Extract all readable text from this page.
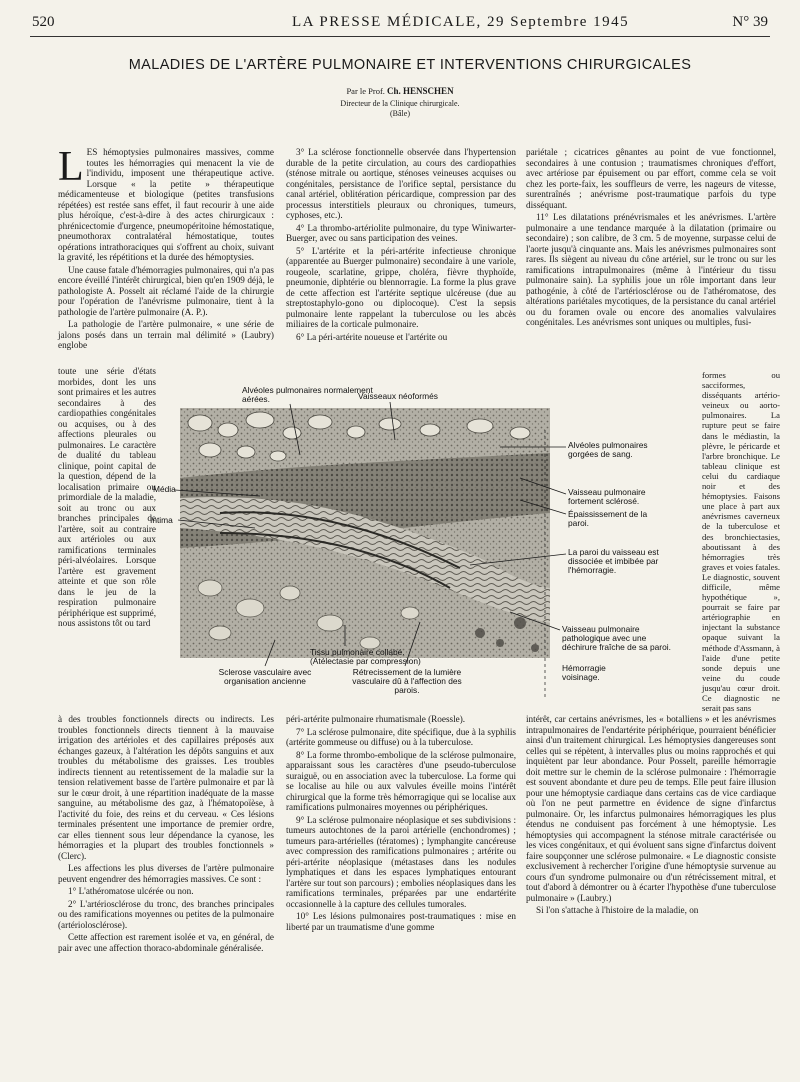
520	LA PRESSE MÉDICALE, 29 Septembre 1945	N° 39
MALADIES DE L'ARTÈRE PULMONAIRE ET INTERVENTIONS CHIRURGICALES
Par le Prof. Ch. HENSCHEN
Directeur de la Clinique chirurgicale.
(Bâle)

LES hémoptysies pulmonaires massives, comme toutes les hémorragies qui menacent la vie de l'individu, imposent une thérapeutique active. Lorsque « la petite » thérapeutique médicamenteuse et biologique (petites transfusions répétées) est restée sans effet, il faut recourir à une aide plus héroïque, c'est-à-dire à des actes chirurgicaux : phrénicectomie d'urgence, pneumopéritoine hémostatique, pneumothorax contralatéral hémostatique, toutes opérations intrathoraciques qui s'offrent au choix, suivant la gravité, les répétitions et la durée des hémoptysies.

Une cause fatale d'hémorragies pulmonaires, qui n'a pas encore éveillé l'intérêt chirurgical, bien qu'en 1909 déjà, le pathologiste A. Posselt ait réclamé l'aide de la chirurgie pour l'opération de l'anévrisme pulmonaire, tient à la pathologie de l'artère pulmonaire (A. P.).

La pathologie de l'artère pulmonaire, « une série de jalons posés dans un terrain mal délimité » (Laubry) englobe

toute une série d'états morbides, dont les uns sont primaires et les autres secondaires à des cardiopathies congénitales ou acquises, ou à des affections pleurales ou pulmonaires. Le caractère de dualité du tableau clinique, point capital de la question, dépend de la localisation primaire ou primordiale de la maladie, soit au tronc ou aux branches principales de l'artère, soit au contraire aux artérioles ou aux ramifications terminales péri-alvéolaires. Lorsque l'artère est gravement atteinte et que son rôle dans le jeu de la respiration pulmonaire périphérique est supprimé, nous assistons tôt ou tard

3° La sclérose fonctionnelle observée dans l'hypertension durable de la petite circulation, au cours des cardiopathies (sténose mitrale ou aortique, sténoses veineuses acquises ou congénitales, persistance de l'orifice septal, persistance du canal artériel, oblitération péricardique, compression par des processus interstitiels pleuraux ou chroniques, tumeurs, cyphoses, etc.).

4° La thrombo-artériolite pulmonaire, du type Winiwarter-Buerger, avec ou sans participation des veines.

5° L'artérite et la péri-artérite infectieuse chronique (apparentée au Buerger pulmonaire) secondaire à une variole, rougeole, scarlatine, grippe, choléra, fièvre thyphoïde, pneumonie, diphtérie ou blennorragie. La forme la plus grave de cette affection est l'artérite septique ulcéreuse (due au streptostaphylo-gono ou diplocoque). C'est la sepsis pulmonaire lente rappelant la tuberculose ou les abcès miliaires de la corticale pulmonaire.

6° La péri-artérite noueuse et l'artérite ou

pariétale ; cicatrices gênantes au point de vue fonctionnel, secondaires à une contusion ; traumatismes chroniques d'effort, avec artériose par épuisement ou par effort, comme cela se voit chez les porte-faix, les souffleurs de verre, les nageurs de vitesse, surentraînés ; anévrisme post-traumatique parfois du type disséquant.

11° Les dilatations prénévrismales et les anévrismes. L'artère pulmonaire a une tendance marquée à la dilatation (primaire ou secondaire) ; son calibre, de 3 cm. 5 de moyenne, surpasse celui de l'aorte jusqu'à cinquante ans. Mais les anévrismes pulmonaires sont rares. Ils siègent au niveau du cône artériel, sur le tronc ou sur les ramifications intrapulmonaires (même à l'intérieur du tissu pulmonaire sain). La syphilis joue un rôle important dans leur pathogénie, à côté de l'artériosclérose ou de l'athéromatose, des altérations pariétales mycotiques, de la persistance du canal artériel ou du foramen ovale ou encore des anomalies valvulaires congénitales. Les anévrismes sont uniques ou multiples, fusi-

formes ou sacciformes, disséquants artério-veineux ou aorto-pulmonaires. La rupture peut se faire dans le médiastin, la plèvre, le péricarde et l'arbre bronchique. Le tableau clinique est celui du cardiaque noir et des hémoptysies. Faisons une place à part aux anévrismes caverneux de la tuberculose et des bronchiectasies, aboutissant à des hémorragies très graves et voies fatales. Le diagnostic, souvent difficile, même hypothétique », pourrait se faire par artériographie en injectant la substance opaque suivant la méthode d'Assmann, à l'aide d'une petite sonde depuis une veine du coude jusqu'au cœur droit. Ce diagnostic ne serait pas sans

Alvéoles pulmonaires normalement aérées.	Vaisseaux néoformés
Alvéoles pulmonaires gorgées de sang.
Vaisseau pulmonaire fortement sclérosé.
Épaississement de la paroi.
La paroi du vaisseau est dissociée et imbibée par l'hémorragie.
Vaisseau pulmonaire pathologique avec une déchirure fraîche de sa paroi.
Hémorragie voisinage.
Média
Intima
Tissu pulmonaire collabé. (Atélectasie par compression)
Sclerose vasculaire avec organisation ancienne
Rétrecissement de la lumière vasculaire dû à l'affection des parois.

à des troubles fonctionnels directs ou indirects. Les troubles fonctionnels directs tiennent à la mauvaise irrigation des artérioles et des capillaires préposés aux échanges gazeux, à l'altération les dépôts sanguins et aux troubles du métabolisme des graisses. Les troubles indirects tiennent au retentissement de la maladie sur la tension relativement basse de l'artère pulmonaire et par là sur le cœur droit, à une répartition inadéquate de la masse sanguine, au métabolisme des gaz, à l'hématopoïèse, à l'activité du foie, des reins et du cerveau. « Ces lésions terminales présentent une importance de premier ordre, car elles tiennent sous leur dépendance la cyanose, les hémorragies et la plupart des troubles fonctionnels » (Clerc).

Les affections les plus diverses de l'artère pulmonaire peuvent engendrer des hémorragies massives. Ce sont :

1° L'athéromatose ulcérée ou non.

2° L'artériosclérose du tronc, des branches principales ou des ramifications moyennes ou petites de la pulmonaire (artériolosclérose).

Cette affection est rarement isolée et va, en général, de pair avec une affection thoraco-abdominale généralisée.

péri-artérite pulmonaire rhumatismale (Roessle).

7° La sclérose pulmonaire, dite spécifique, due à la syphilis (artérite gommeuse ou diffuse) ou à la tuberculose.

8° La forme thrombo-embolique de la sclérose pulmonaire, apparaissant sous les caractères d'une pseudo-tuberculose suraiguë, ou en association avec la tuberculose. La forme qui se localise au hile ou aux valvules éveille moins l'intérêt chirurgical que la forme très hémorragique qui se localise aux ramifications pulmonaires moyennes ou périphériques.

9° La sclérose pulmonaire néoplasique et ses subdivisions : tumeurs autochtones de la paroi artérielle (enchondromes) ; tumeurs para-artérielles (tératomes) ; lymphangite cancéreuse avec compression des ramifications pulmonaires ; artérite ou péri-artérite néoplasique (métastases dans les nodules lymphatiques et dans les espaces lymphatiques entourant l'artère sur tout son parcours) ; embolies néoplasiques dans les ramifications terminales, préparées par une endartérite occasionnelle à la capture des cellules tumorales.

10° Les lésions pulmonaires post-traumatiques : mise en liberté par un traumatisme d'une gomme

intérêt, car certains anévrismes, les « botalliens » et les anévrismes intrapulmonaires de l'endartérite périphérique, pourraient bénéficier ainsi d'un traitement chirurgical. Les hémoptysies dangereuses sont celles qui se répètent, à intervalles plus ou moins rapprochés et qui inquiètent par leur abondance. Pour Posselt, pareille hémorragie doit mettre sur le chemin de la sclérose pulmonaire : l'hémorragie est souvent abondante et dure peu de temps. Elle peut faire illusion pour une hémoptysie cardiaque dans certains cas de vice cardiaque où l'on ne peut parmettre en évidence de signe d'infarctus pulmonaire. Or, les infarctus pulmonaires hémorragiques les plus étendus ne conduisent pas forcément à une hémoptysie. Les hémoptysies qui accompagnent la sténose mitrale caractérisée ou les vices congénitaux, et qui évoluent sans signe d'infarctus doivent faire soupçonner une sclérose pulmonaire. « Le diagnostic consiste exclusivement à rechercher l'origine d'une hémoptysie survenue au cours d'un syndrome pulmonaire ou d'un rétrécissement mitral, et tout d'abord à démontrer ou à écarter l'hypothèse d'une tuberculose pulmonaire » (Laubry.)

Si l'on s'attache à l'histoire de la maladie, on
